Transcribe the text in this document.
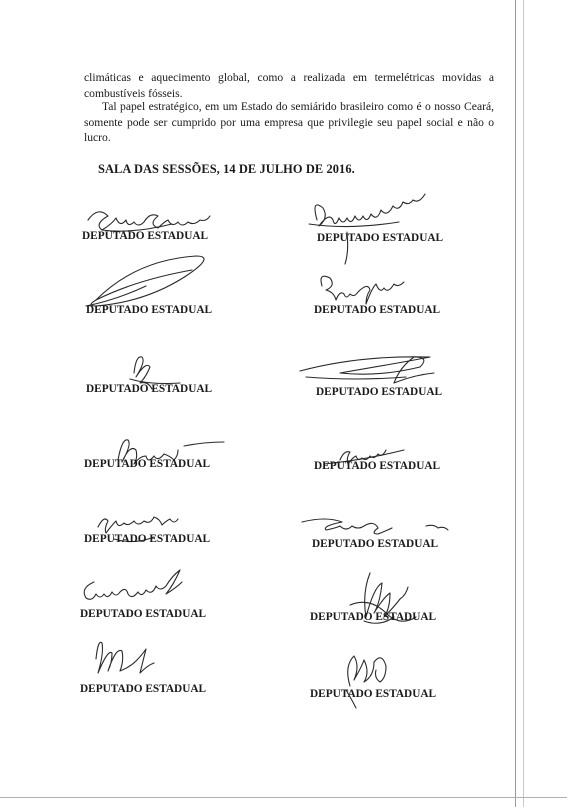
climáticas e aquecimento global, como a realizada em termelétricas movidas a combustíveis fósseis.

Tal papel estratégico, em um Estado do semiárido brasileiro como é o nosso Ceará, somente pode ser cumprido por uma empresa que privilegie seu papel social e não o lucro.

SALA DAS SESSÕES, 14 DE JULHO DE 2016.

DEPUTADO ESTADUAL
DEPUTADO ESTADUAL
DEPUTADO ESTADUAL
DEPUTADO ESTADUAL
DEPUTADO ESTADUAL
DEPUTADO ESTADUAL
DEPUTADO ESTADUAL
DEPUTADO ESTADUAL
DEPUTADO ESTADUAL
DEPUTADO ESTADUAL
DEPUTADO ESTADUAL
DEPUTADO ESTADUAL
DEPUTADO ESTADUAL
DEPUTADO ESTADUAL
